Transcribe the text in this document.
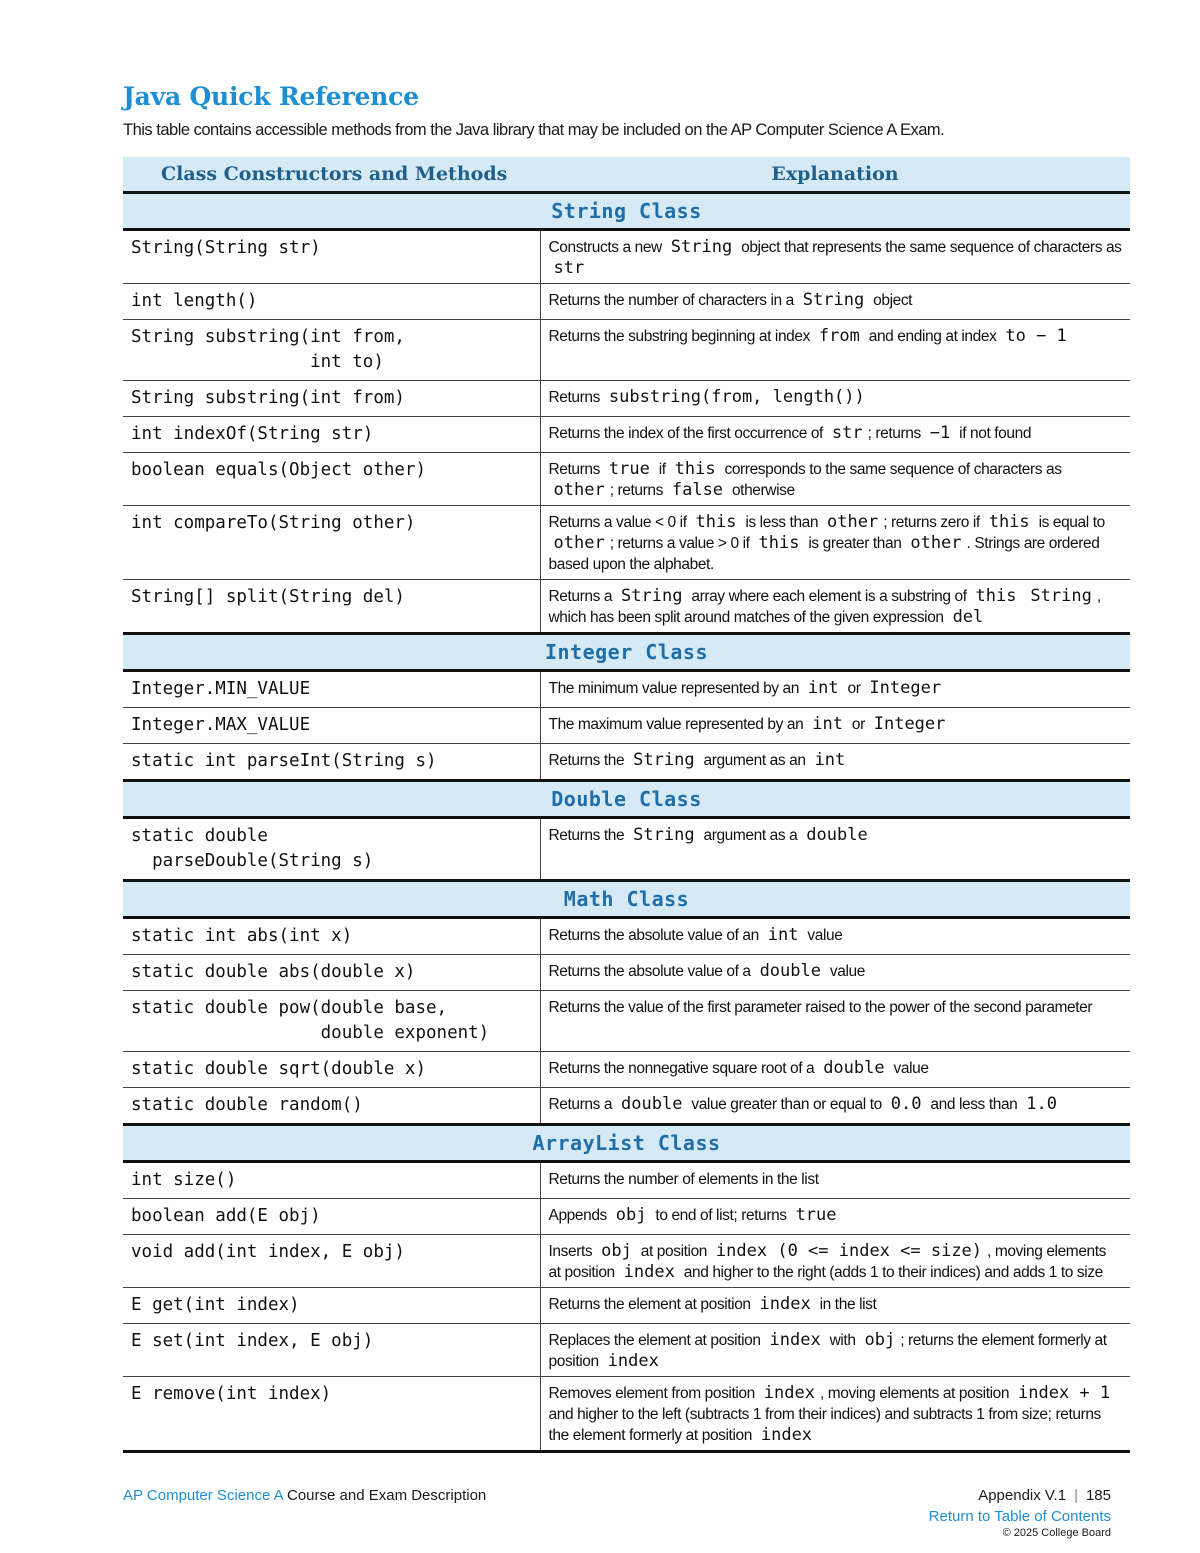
Java Quick Reference

This table contains accessible methods from the Java library that may be included on the AP Computer Science A Exam.

Class Constructors and Methods	Explanation
String Class	
String(String str)	Constructs a new String object that represents the same sequence of characters as str
int length()	Returns the number of characters in a String object
String substring(int from,
int to)	Returns the substring beginning at index from and ending at index to − 1
String substring(int from)	Returns substring(from, length())
int indexOf(String str)	Returns the index of the first occurrence of str ; returns −1 if not found
boolean equals(Object other)	Returns true if this corresponds to the same sequence of characters as other ; returns false otherwise
int compareTo(String other)	Returns a value < 0 if this is less than other ; returns zero if this is equal to other ; returns a value > 0 if this is greater than other . Strings are ordered based upon the alphabet.
String[] split(String del)	Returns a String array where each element is a substring of this String , which has been split around matches of the given expression del
Integer Class	
Integer.MIN_VALUE	The minimum value represented by an int or Integer
Integer.MAX_VALUE	The maximum value represented by an int or Integer
static int parseInt(String s)	Returns the String argument as an int
Double Class	
static double
parseDouble(String s)	Returns the String argument as a double
Math Class	
static int abs(int x)	Returns the absolute value of an int value
static double abs(double x)	Returns the absolute value of a double value
static double pow(double base,
double exponent)	Returns the value of the first parameter raised to the power of the second parameter
static double sqrt(double x)	Returns the nonnegative square root of a double value
static double random()	Returns a double value greater than or equal to 0.0 and less than 1.0
ArrayList Class	
int size()	Returns the number of elements in the list
boolean add(E obj)	Appends obj to end of list; returns true
void add(int index, E obj)	Inserts obj at position index (0 <= index <= size) , moving elements at position index and higher to the right (adds 1 to their indices) and adds 1 to size
E get(int index)	Returns the element at position index in the list
E set(int index, E obj)	Replaces the element at position index with obj ; returns the element formerly at position index
E remove(int index)	Removes element from position index , moving elements at position index + 1 and higher to the left (subtracts 1 from their indices) and subtracts 1 from size; returns the element formerly at position index
AP Computer Science A Course and Exam Description	Appendix V.1 | 185
Return to Table of Contents
© 2025 College Board
